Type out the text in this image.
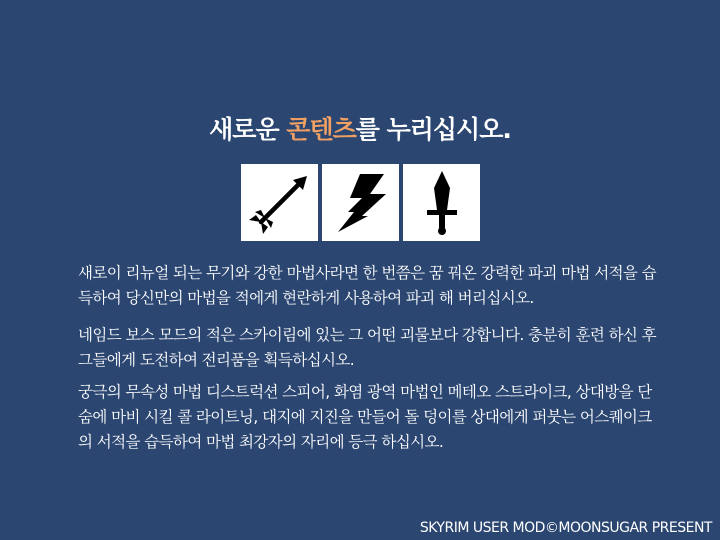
새로운 콘텐츠를 누리십시오.

새로이 리뉴얼 되는 무기와 강한 마법사라면 한 번쯤은 꿈 꿔온 강력한 파괴 마법 서적을 습득하여 당신만의 마법을 적에게 현란하게 사용하여 파괴 해 버리십시오.

네임드 보스 모드의 적은 스카이림에 있는 그 어떤 괴물보다 강합니다. 충분히 훈련 하신 후 그들에게 도전하여 전리품을 획득하십시오.

궁극의 무속성 마법 디스트럭션 스피어, 화염 광역 마법인 메테오 스트라이크, 상대방을 단 숨에 마비 시킬 콜 라이트닝, 대지에 지진을 만들어 돌 덩이를 상대에게 퍼붓는 어스퀘이크의 서적을 습득하여 마법 최강자의 자리에 등극 하십시오.

SKYRIM USER MOD©MOONSUGAR PRESENT
